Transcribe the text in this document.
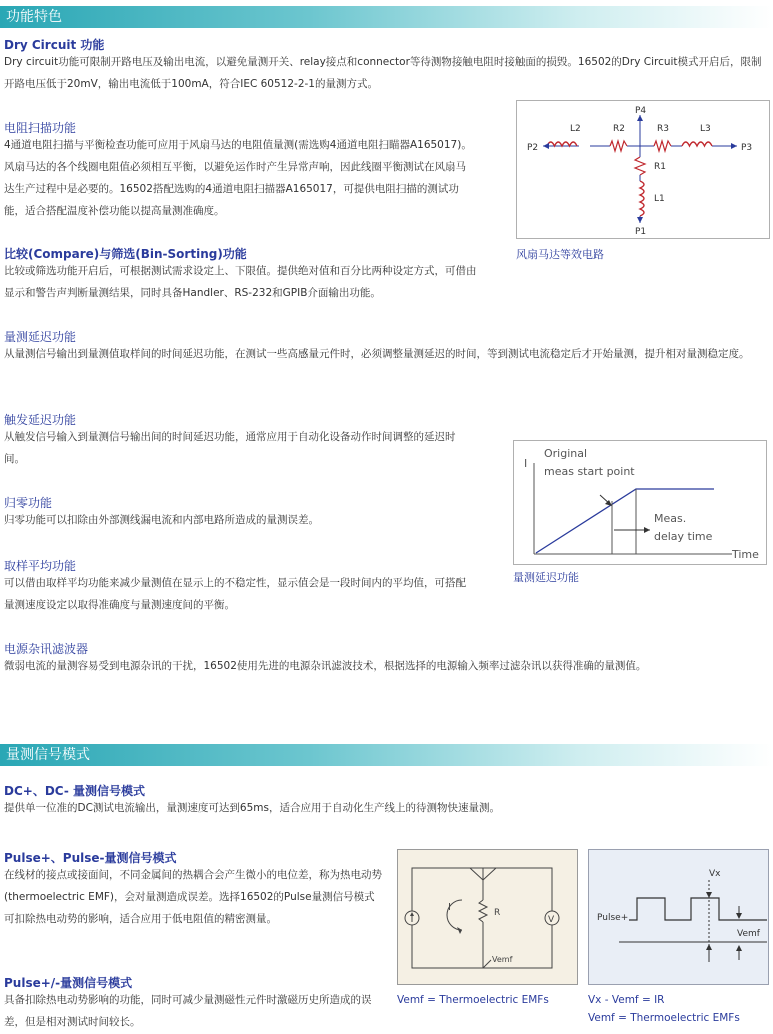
功能特色
Dry Circuit 功能
Dry circuit功能可限制开路电压及输出电流，以避免量测开关、relay接点和connector等待测物接触电阻时接触面的损毁。16502的Dry Circuit模式开启后，限制开路电压低于20mV，输出电流低于100mA，符合IEC 60512-2-1的量测方式。
电阻扫描功能
4通道电阻扫描与平衡检查功能可应用于风扇马达的电阻值量测(需选购4通道电阻扫瞄器A165017)。风扇马达的各个线圈电阻值必须相互平衡，以避免运作时产生异常声响，因此线圈平衡测试在风扇马达生产过程中是必要的。16502搭配选购的4通道电阻扫描器A165017，可提供电阻扫描的测试功能，适合搭配温度补偿功能以提高量测准确度。
P4
P1
P2	P3
L2	R2	R3	L3
R1
L1
风扇马达等效电路
比较(Compare)与筛选(Bin-Sorting)功能
比较或筛选功能开启后，可根据测试需求设定上、下限值。提供绝对值和百分比两种设定方式，可借由显示和警告声判断量测结果，同时具备Handler、RS-232和GPIB介面输出功能。
量测延迟功能
从量测信号输出到量测值取样间的时间延迟功能，在测试一些高感量元件时，必须调整量测延迟的时间，等到测试电流稳定后才开始量测，提升相对量测稳定度。
触发延迟功能
从触发信号输入到量测信号输出间的时间延迟功能，通常应用于自动化设备动作时间调整的延迟时间。	I
Time
Original
meas start point
Meas.
delay time
量测延迟功能
归零功能
归零功能可以扣除由外部测线漏电流和内部电路所造成的量测误差。
取样平均功能
可以借由取样平均功能来减少量测值在显示上的不稳定性，显示值会是一段时间内的平均值，可搭配量测速度设定以取得准确度与量测速度间的平衡。
电源杂讯滤波器
微弱电流的量测容易受到电源杂讯的干扰，16502使用先进的电源杂讯滤波技术，根据选择的电源输入频率过滤杂讯以获得准确的量测值。
量测信号模式
DC+、DC- 量测信号模式
提供单一位准的DC测试电流输出，量测速度可达到65ms，适合应用于自动化生产线上的待测物快速量测。
Pulse+、Pulse-量测信号模式
在线材的接点或接面间，不同金属间的热耦合会产生微小的电位差，称为热电动势(thermoelectric EMF)，会对量测造成误差。选择16502的Pulse量测信号模式可扣除热电动势的影响，适合应用于低电阻值的精密测量。
Pulse+/-量测信号模式
具备扣除热电动势影响的功能，同时可减少量测磁性元件时激磁历史所造成的误差，但是相对测试时间较长。
V
I	R
Vemf
Vemf = Thermoelectric EMFs
Vx
Pulse+
Vemf
Vx - Vemf = IR
Vemf = Thermoelectric EMFs
